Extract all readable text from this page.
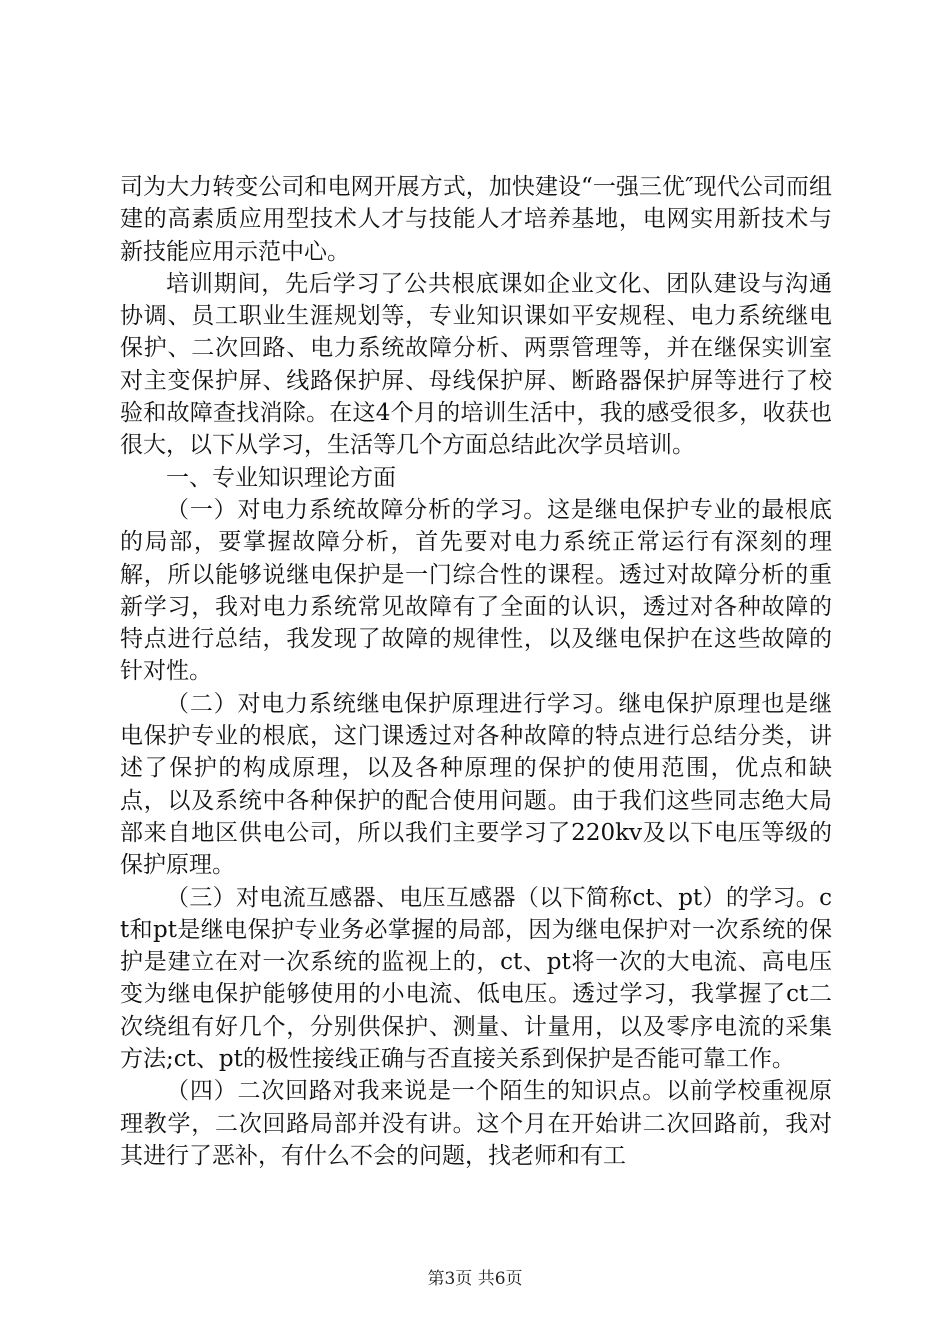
司为大力转变公司和电网开展方式，加快建设“一强三优″现代公司而组建的高素质应用型技术人才与技能人才培养基地，电网实用新技术与新技能应用示范中心。

培训期间，先后学习了公共根底课如企业文化、团队建设与沟通协调、员工职业生涯规划等，专业知识课如平安规程、电力系统继电保护、二次回路、电力系统故障分析、两票管理等，并在继保实训室对主变保护屏、线路保护屏、母线保护屏、断路器保护屏等进行了校验和故障查找消除。在这4个月的培训生活中，我的感受很多，收获也很大，以下从学习，生活等几个方面总结此次学员培训。

一、专业知识理论方面

（一）对电力系统故障分析的学习。这是继电保护专业的最根底的局部，要掌握故障分析，首先要对电力系统正常运行有深刻的理解，所以能够说继电保护是一门综合性的课程。透过对故障分析的重新学习，我对电力系统常见故障有了全面的认识，透过对各种故障的特点进行总结，我发现了故障的规律性，以及继电保护在这些故障的针对性。

（二）对电力系统继电保护原理进行学习。继电保护原理也是继电保护专业的根底，这门课透过对各种故障的特点进行总结分类，讲述了保护的构成原理，以及各种原理的保护的使用范围，优点和缺点，以及系统中各种保护的配合使用问题。由于我们这些同志绝大局部来自地区供电公司，所以我们主要学习了220kv及以下电压等级的保护原理。

（三）对电流互感器、电压互感器（以下简称ct、pt）的学习。ct和pt是继电保护专业务必掌握的局部，因为继电保护对一次系统的保护是建立在对一次系统的监视上的，ct、pt将一次的大电流、高电压变为继电保护能够使用的小电流、低电压。透过学习，我掌握了ct二次绕组有好几个，分别供保护、测量、计量用，以及零序电流的采集方法;ct、pt的极性接线正确与否直接关系到保护是否能可靠工作。

（四）二次回路对我来说是一个陌生的知识点。以前学校重视原理教学，二次回路局部并没有讲。这个月在开始讲二次回路前，我对其进行了恶补，有什么不会的问题，找老师和有工

第3页 共6页
